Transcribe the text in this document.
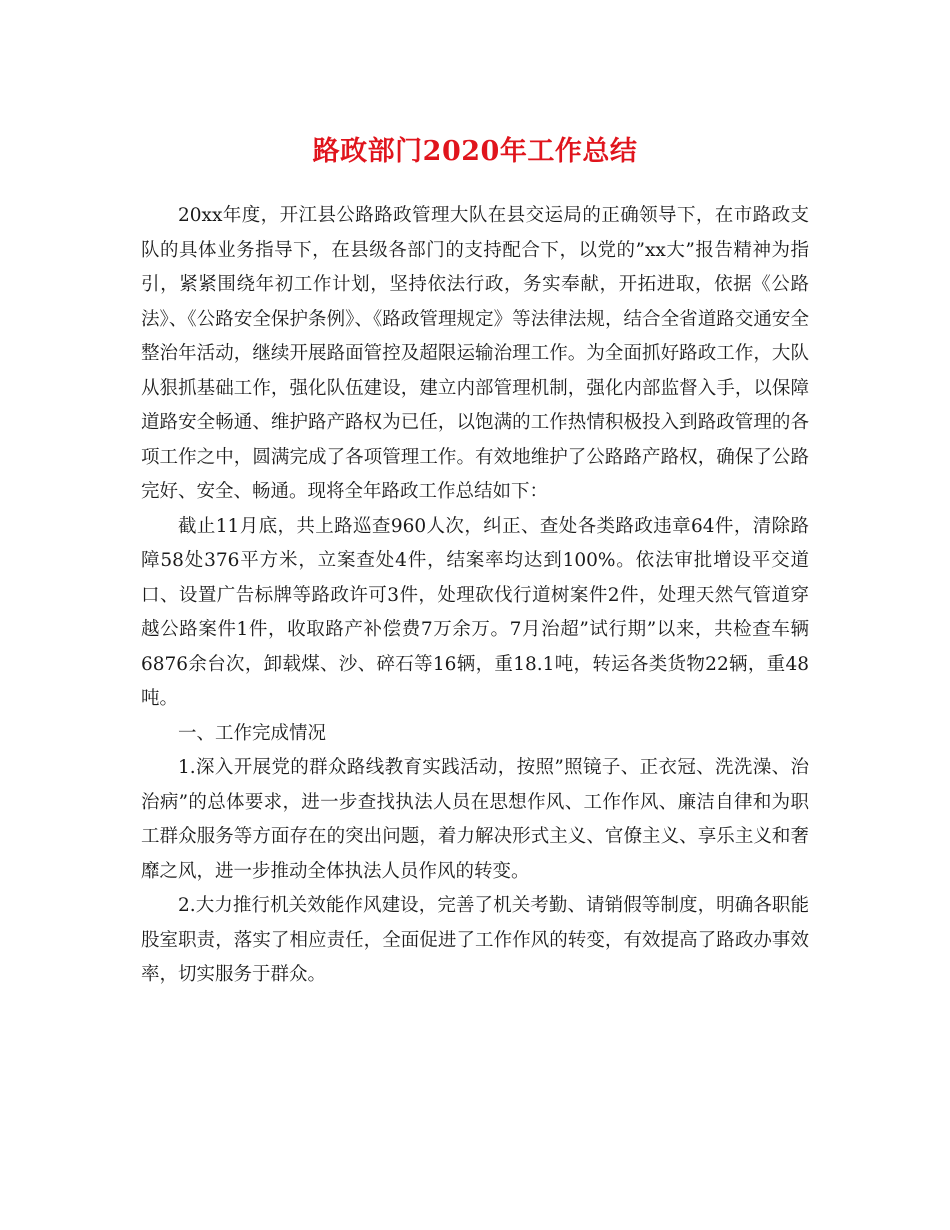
路政部门2020年工作总结

20xx年度，开江县公路路政管理大队在县交运局的正确领导下，在市路政支队的具体业务指导下，在县级各部门的支持配合下，以党的”xx大”报告精神为指引，紧紧围绕年初工作计划，坚持依法行政，务实奉献，开拓进取，依据《公路法》、《公路安全保护条例》、《路政管理规定》等法律法规，结合全省道路交通安全整治年活动，继续开展路面管控及超限运输治理工作。为全面抓好路政工作，大队从狠抓基础工作，强化队伍建设，建立内部管理机制，强化内部监督入手，以保障道路安全畅通、维护路产路权为已任，以饱满的工作热情积极投入到路政管理的各项工作之中，圆满完成了各项管理工作。有效地维护了公路路产路权，确保了公路完好、安全、畅通。现将全年路政工作总结如下：

截止11月底，共上路巡查960人次，纠正、查处各类路政违章64件，清除路障58处376平方米，立案查处4件，结案率均达到100%。依法审批增设平交道口、设置广告标牌等路政许可3件，处理砍伐行道树案件2件，处理天然气管道穿越公路案件1件，收取路产补偿费7万余万。7月治超”试行期”以来，共检查车辆6876余台次，卸载煤、沙、碎石等16辆，重18.1吨，转运各类货物22辆，重48吨。

一、工作完成情况

1.深入开展党的群众路线教育实践活动，按照”照镜子、正衣冠、洗洗澡、治治病”的总体要求，进一步查找执法人员在思想作风、工作作风、廉洁自律和为职工群众服务等方面存在的突出问题，着力解决形式主义、官僚主义、享乐主义和奢靡之风，进一步推动全体执法人员作风的转变。

2.大力推行机关效能作风建设，完善了机关考勤、请销假等制度，明确各职能股室职责，落实了相应责任，全面促进了工作作风的转变，有效提高了路政办事效率，切实服务于群众。
